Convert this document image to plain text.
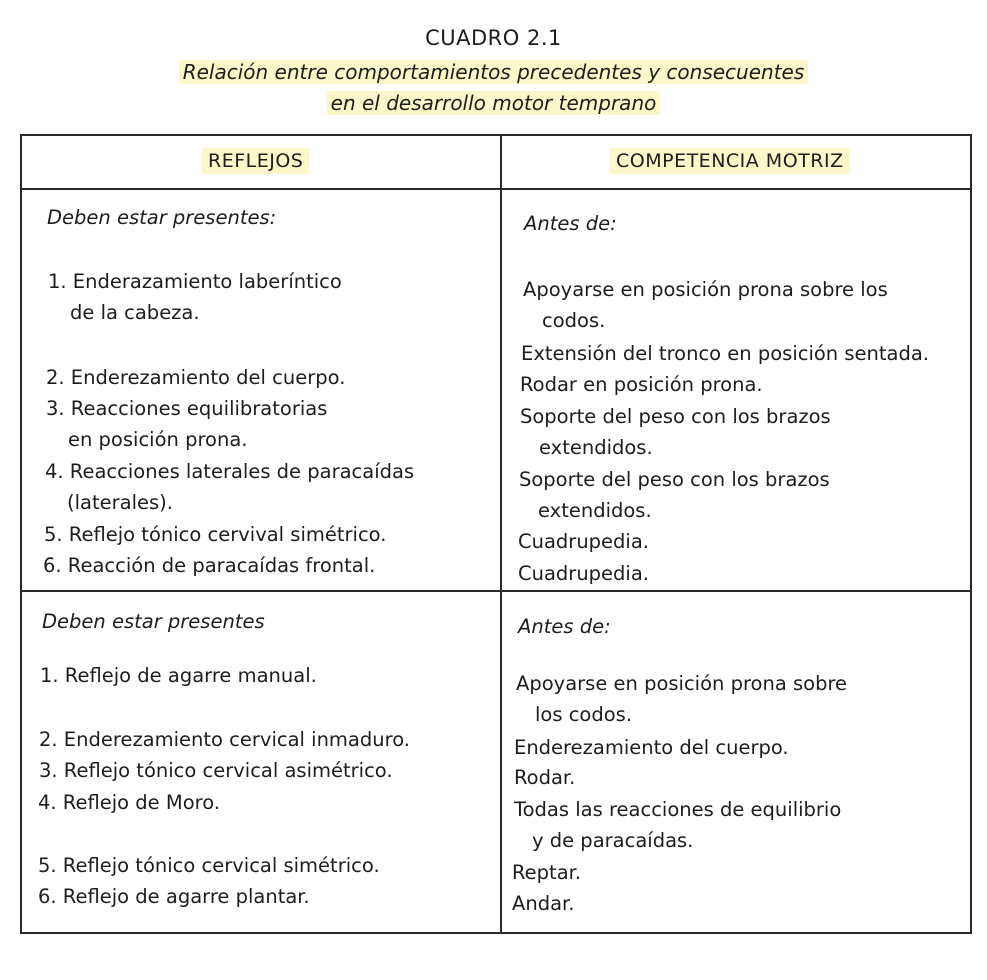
CUADRO 2.1
Relación entre comportamientos precedentes y consecuentes
en el desarrollo motor temprano
REFLEJOS	COMPETENCIA MOTRIZ
Deben estar presentes:
1. Enderazamiento laberíntico
de la cabeza.
2. Enderezamiento del cuerpo.
3. Reacciones equilibratorias
en posición prona.
4. Reacciones laterales de paracaídas
(laterales).
5. Reflejo tónico cervival simétrico.
6. Reacción de paracaídas frontal.
Antes de:
Apoyarse en posición prona sobre los
codos.
Extensión del tronco en posición sentada.
Rodar en posición prona.
Soporte del peso con los brazos
extendidos.
Soporte del peso con los brazos
extendidos.
Cuadrupedia.
Cuadrupedia.
Deben estar presentes
1. Reflejo de agarre manual.
2. Enderezamiento cervical inmaduro.
3. Reflejo tónico cervical asimétrico.
4. Reflejo de Moro.
5. Reflejo tónico cervical simétrico.
6. Reflejo de agarre plantar.
Antes de:
Apoyarse en posición prona sobre
los codos.
Enderezamiento del cuerpo.
Rodar.
Todas las reacciones de equilibrio
y de paracaídas.
Reptar.
Andar.
